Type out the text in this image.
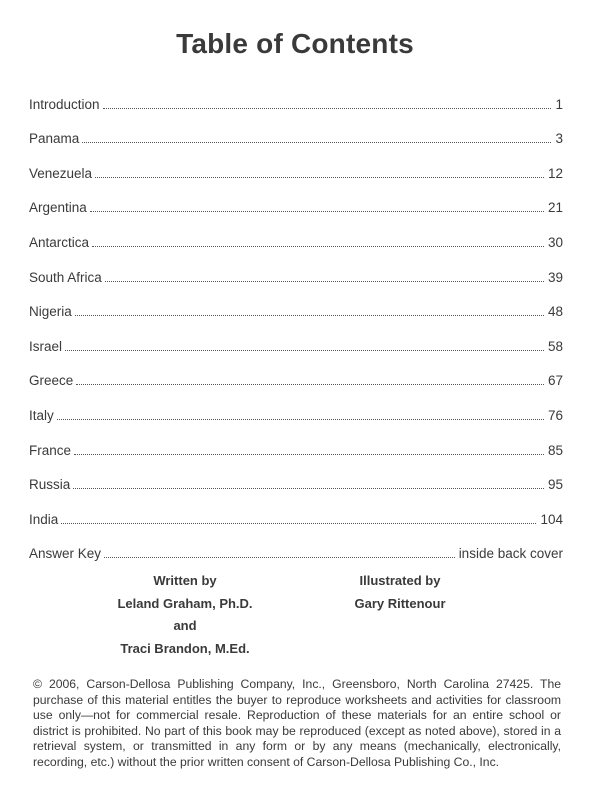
Table of Contents
Introduction	1
Panama	3
Venezuela	12
Argentina	21
Antarctica	30
South Africa	39
Nigeria	48
Israel	58
Greece	67
Italy	76
France	85
Russia	95
India	104
Answer Key	inside back cover
Written by
Leland Graham, Ph.D.
and
Traci Brandon, M.Ed.
Illustrated by
Gary Rittenour
© 2006, Carson-Dellosa Publishing Company, Inc., Greensboro, North Carolina 27425. The purchase of this material entitles the buyer to reproduce worksheets and activities for classroom use only—not for commercial resale. Reproduction of these materials for an entire school or district is prohibited. No part of this book may be reproduced (except as noted above), stored in a retrieval system, or transmitted in any form or by any means (mechanically, electronically, recording, etc.) without the prior written consent of Carson-Dellosa Publishing Co., Inc.
